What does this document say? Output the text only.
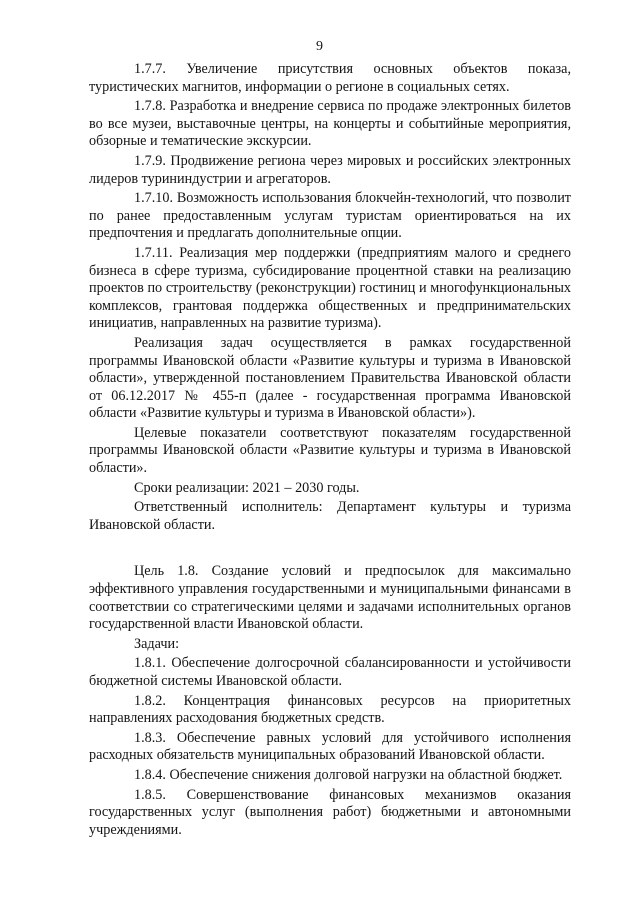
9

1.7.7. Увеличение присутствия основных объектов показа, туристических магнитов, информации о регионе в социальных сетях.

1.7.8. Разработка и внедрение сервиса по продаже электронных билетов во все музеи, выставочные центры, на концерты и событийные мероприятия, обзорные и тематические экскурсии.

1.7.9. Продвижение региона через мировых и российских электронных лидеров турининдустрии и агрегаторов.

1.7.10. Возможность использования блокчейн-технологий, что позволит по ранее предоставленным услугам туристам ориентироваться на их предпочтения и предлагать дополнительные опции.

1.7.11. Реализация мер поддержки (предприятиям малого и среднего бизнеса в сфере туризма, субсидирование процентной ставки на реализацию проектов по строительству (реконструкции) гостиниц и многофункциональных комплексов, грантовая поддержка общественных и предпринимательских инициатив, направленных на развитие туризма).

Реализация задач осуществляется в рамках государственной программы Ивановской области «Развитие культуры и туризма в Ивановской области», утвержденной постановлением Правительства Ивановской области от 06.12.2017 № 455-п (далее - государственная программа Ивановской области «Развитие культуры и туризма в Ивановской области»).

Целевые показатели соответствуют показателям государственной программы Ивановской области «Развитие культуры и туризма в Ивановской области».

Сроки реализации: 2021 – 2030 годы.

Ответственный исполнитель: Департамент культуры и туризма Ивановской области.

Цель 1.8. Создание условий и предпосылок для максимально эффективного управления государственными и муниципальными финансами в соответствии со стратегическими целями и задачами исполнительных органов государственной власти Ивановской области.

Задачи:

1.8.1. Обеспечение долгосрочной сбалансированности и устойчивости бюджетной системы Ивановской области.

1.8.2. Концентрация финансовых ресурсов на приоритетных направлениях расходования бюджетных средств.

1.8.3. Обеспечение равных условий для устойчивого исполнения расходных обязательств муниципальных образований Ивановской области.

1.8.4. Обеспечение снижения долговой нагрузки на областной бюджет.

1.8.5. Совершенствование финансовых механизмов оказания государственных услуг (выполнения работ) бюджетными и автономными учреждениями.
